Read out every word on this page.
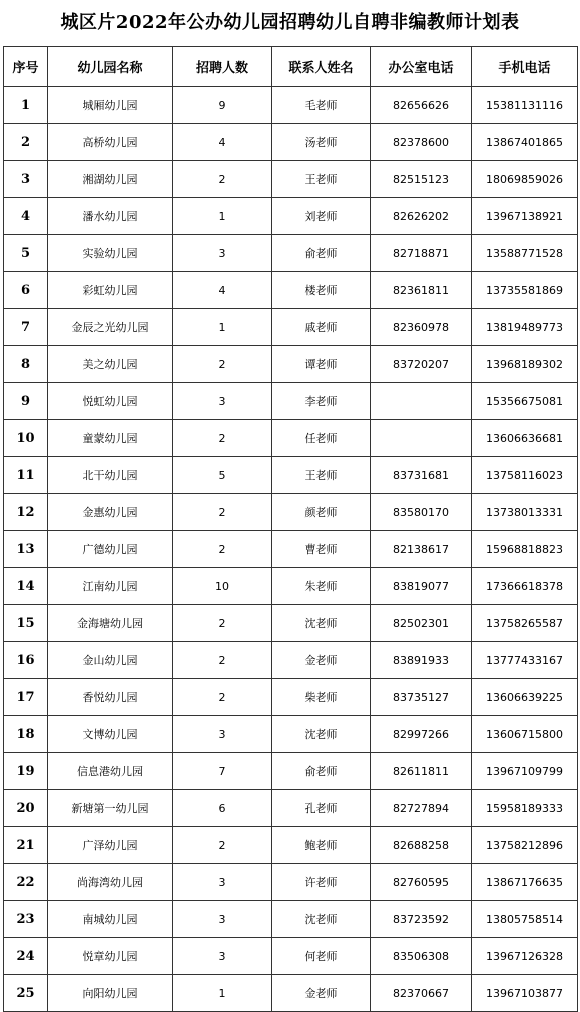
城区片2022年公办幼儿园招聘幼儿自聘非编教师计划表
序号	幼儿园名称	招聘人数	联系人姓名	办公室电话	手机电话
1	城厢幼儿园	9	毛老师	82656626	15381131116
2	高桥幼儿园	4	汤老师	82378600	13867401865
3	湘湖幼儿园	2	王老师	82515123	18069859026
4	潘水幼儿园	1	刘老师	82626202	13967138921
5	实验幼儿园	3	俞老师	82718871	13588771528
6	彩虹幼儿园	4	楼老师	82361811	13735581869
7	金辰之光幼儿园	1	戚老师	82360978	13819489773
8	美之幼儿园	2	谭老师	83720207	13968189302
9	悦虹幼儿园	3	李老师		15356675081
10	童蒙幼儿园	2	任老师		13606636681
11	北干幼儿园	5	王老师	83731681	13758116023
12	金惠幼儿园	2	颜老师	83580170	13738013331
13	广德幼儿园	2	曹老师	82138617	15968818823
14	江南幼儿园	10	朱老师	83819077	17366618378
15	金海塘幼儿园	2	沈老师	82502301	13758265587
16	金山幼儿园	2	金老师	83891933	13777433167
17	香悦幼儿园	2	柴老师	83735127	13606639225
18	文博幼儿园	3	沈老师	82997266	13606715800
19	信息港幼儿园	7	俞老师	82611811	13967109799
20	新塘第一幼儿园	6	孔老师	82727894	15958189333
21	广泽幼儿园	2	鲍老师	82688258	13758212896
22	尚海湾幼儿园	3	许老师	82760595	13867176635
23	南城幼儿园	3	沈老师	83723592	13805758514
24	悦章幼儿园	3	何老师	83506308	13967126328
25	向阳幼儿园	1	金老师	82370667	13967103877
